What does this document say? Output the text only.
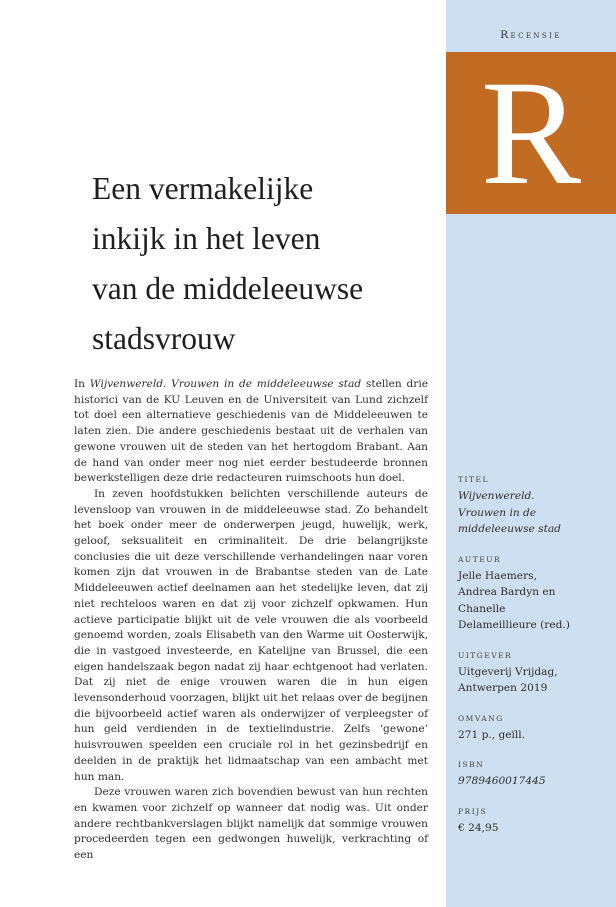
Recensie
R
Een vermakelijke
inkijk in het leven
van de middeleeuwse
stadsvrouw

In Wijvenwereld. Vrouwen in de middeleeuwse stad stellen drie historici van de KU Leuven en de Universiteit van Lund zichzelf tot doel een alternatieve geschiedenis van de Middeleeuwen te laten zien. Die andere geschiedenis bestaat uit de verhalen van gewone vrouwen uit de steden van het hertogdom Brabant. Aan de hand van onder meer nog niet eerder bestudeerde bronnen bewerkstelligen deze drie redacteuren ruimschoots hun doel.

In zeven hoofdstukken belichten verschillende auteurs de levensloop van vrouwen in de middeleeuwse stad. Zo behandelt het boek onder meer de onderwerpen jeugd, huwelijk, werk, geloof, seksualiteit en criminaliteit. De drie belangrijkste conclusies die uit deze verschillende verhandelingen naar voren komen zijn dat vrouwen in de Brabantse steden van de Late Middeleeuwen actief deelnamen aan het stedelijke leven, dat zij niet rechteloos waren en dat zij voor zichzelf opkwamen. Hun actieve participatie blijkt uit de vele vrouwen die als voorbeeld genoemd worden, zoals Elisabeth van den Warme uit Oosterwijk, die in vastgoed investeerde, en Katelijne van Brussel, die een eigen handelszaak begon nadat zij haar echtgenoot had verlaten. Dat zij niet de enige vrouwen waren die in hun eigen levensonderhoud voorzagen, blijkt uit het relaas over de begijnen die bijvoorbeeld actief waren als onderwijzer of verpleegster of hun geld verdienden in de textielindustrie. Zelfs ‘gewone’ huisvrouwen speelden een cruciale rol in het gezinsbedrijf en deelden in de praktijk het lidmaatschap van een ambacht met hun man.

Deze vrouwen waren zich bovendien bewust van hun rechten en kwamen voor zichzelf op wanneer dat nodig was. Uit onder andere rechtbankverslagen blijkt namelijk dat sommige vrouwen procedeerden tegen een gedwongen huwelijk, verkrachting of een

TITEL
Wijvenwereld.
Vrouwen in de
middeleeuwse stad
AUTEUR
Jelle Haemers,
Andrea Bardyn en
Chanelle
Delameillieure (red.)
UITGEVER
Uitgeverij Vrijdag,
Antwerpen 2019
OMVANG
271 p., geïll.
ISBN
9789460017445
PRIJS
€ 24,95
